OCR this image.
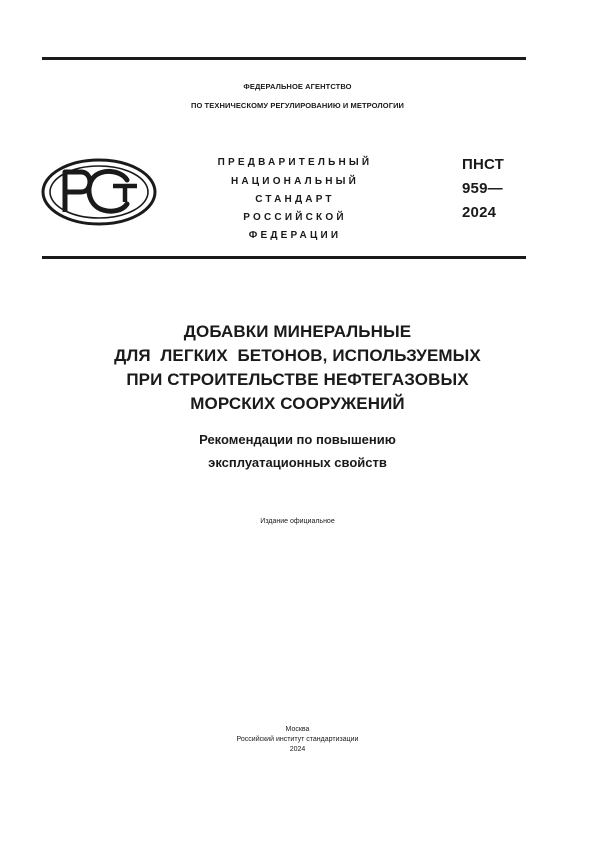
ФЕДЕРАЛЬНОЕ АГЕНТСТВО
ПО ТЕХНИЧЕСКОМУ РЕГУЛИРОВАНИЮ И МЕТРОЛОГИИ
ПРЕДВАРИТЕЛЬНЫЙ
НАЦИОНАЛЬНЫЙ
СТАНДАРТ
РОССИЙСКОЙ
ФЕДЕРАЦИИ
ПНСТ
959—
2024
ДОБАВКИ МИНЕРАЛЬНЫЕ
ДЛЯ  ЛЕГКИХ  БЕТОНОВ, ИСПОЛЬЗУЕМЫХ
ПРИ СТРОИТЕЛЬСТВЕ НЕФТЕГАЗОВЫХ
МОРСКИХ СООРУЖЕНИЙ
Рекомендации по повышению
эксплуатационных свойств
Издание официальное
Москва
Российский институт стандартизации
2024
